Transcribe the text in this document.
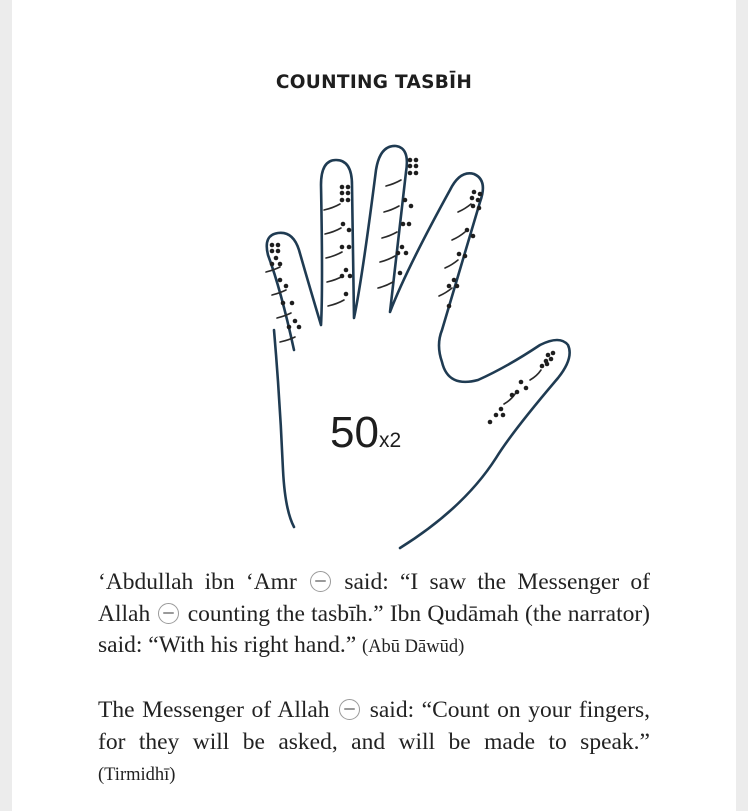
COUNTING TASBĪH
50x2
‘Abdullah ibn ‘Amr  said: “I saw the Messenger of Allah  counting the tasbīh.” Ibn Qudāmah (the narrator) said: “With his right hand.” (Abū Dāwūd)
The Messenger of Allah  said: “Count on your fingers, for they will be asked, and will be made to speak.” (Tirmidhī)
